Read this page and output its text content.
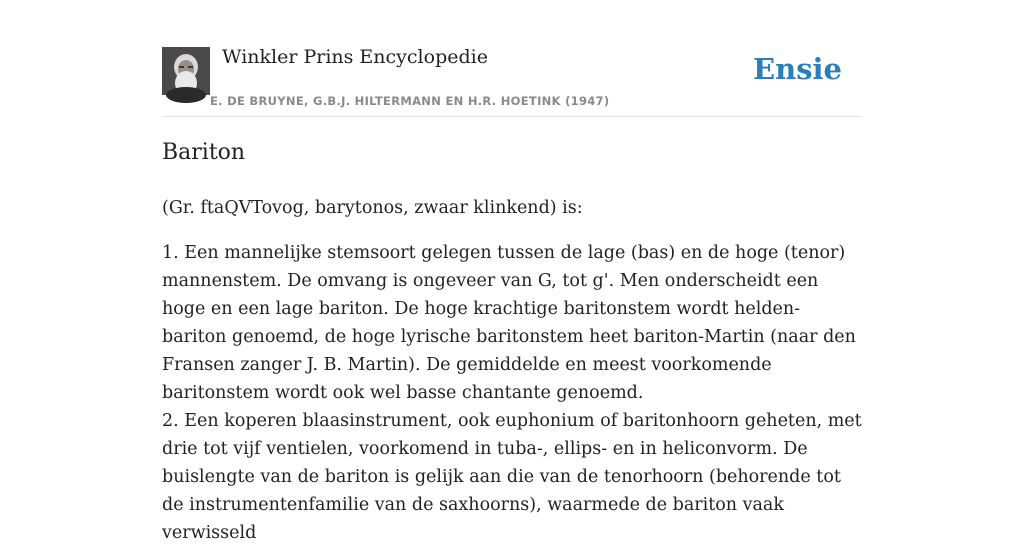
Winkler Prins Encyclopedie
E. DE BRUYNE, G.B.J. HILTERMANN EN H.R. HOETINK (1947)
Ensie
Bariton

(Gr. ftaQVTovog, barytonos, zwaar klinkend) is:

1. Een mannelijke stemsoort gelegen tussen de lage (bas) en de hoge (tenor) mannenstem. De omvang is ongeveer van G, tot g'. Men onderscheidt een hoge en een lage bariton. De hoge krachtige baritonstem wordt helden-bariton genoemd, de hoge lyrische baritonstem heet bariton-Martin (naar den Fransen zanger J. B. Martin). De gemiddelde en meest voorkomende baritonstem wordt ook wel basse chantante genoemd.

2. Een koperen blaasinstrument, ook euphonium of baritonhoorn geheten, met drie tot vijf ventielen, voorkomend in tuba-, ellips- en in heliconvorm. De buislengte van de bariton is gelijk aan die van de tenorhoorn (behorende tot de instrumentenfamilie van de saxhoorns), waarmede de bariton vaak verwisseld
